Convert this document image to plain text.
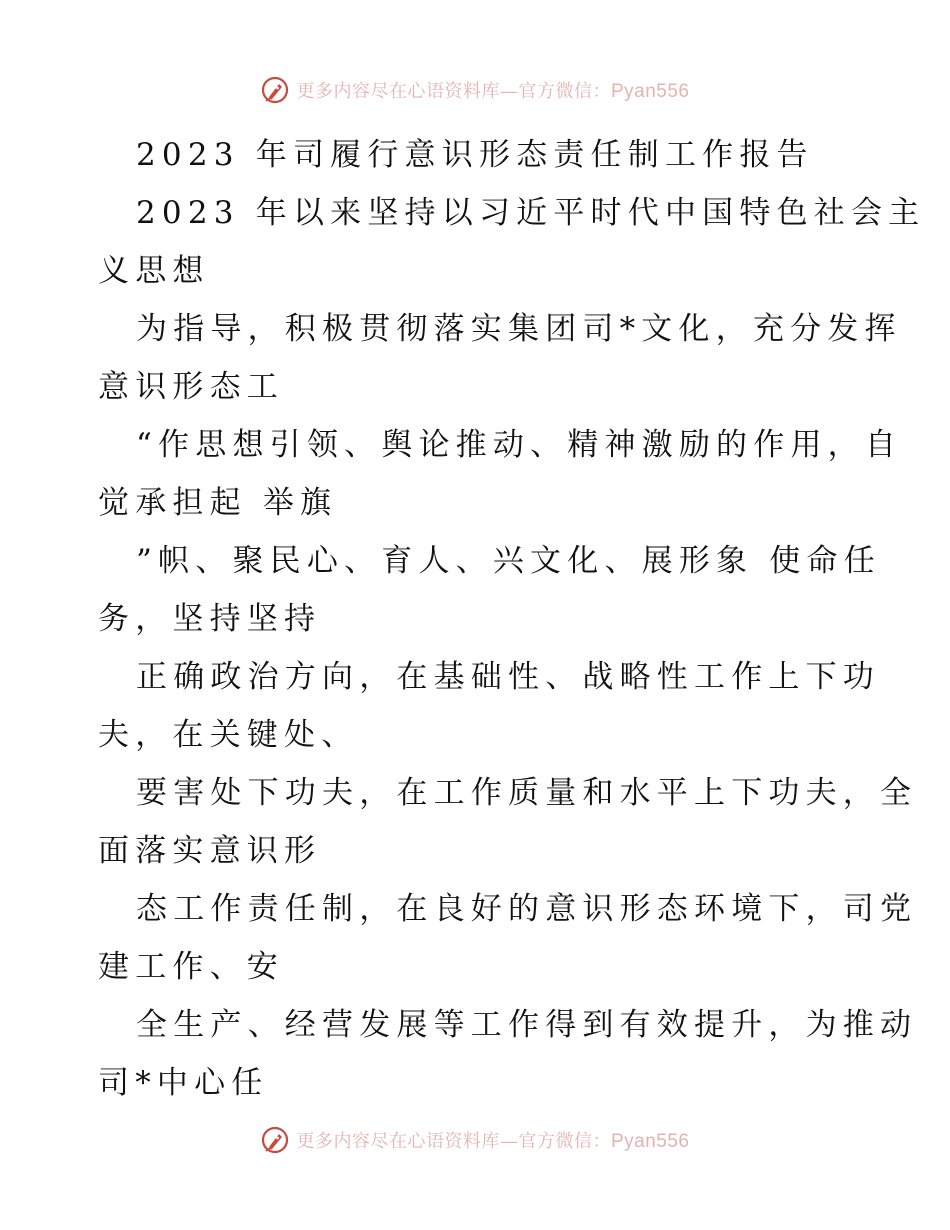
更多内容尽在心语资料库—官方微信：Pyan556
2023 年司履行意识形态责任制工作报告
2023 年以来坚持以习近平时代中国特色社会主
义思想
为指导，积极贯彻落实集团司*文化，充分发挥
意识形态工
“作思想引领、舆论推动、精神激励的作用，自
觉承担起 举旗
”帜、聚民心、育人、兴文化、展形象 使命任
务，坚持坚持
正确政治方向，在基础性、战略性工作上下功
夫，在关键处、
要害处下功夫，在工作质量和水平上下功夫，全
面落实意识形
态工作责任制，在良好的意识形态环境下，司党
建工作、安
全生产、经营发展等工作得到有效提升，为推动
司*中心任
更多内容尽在心语资料库—官方微信：Pyan556
